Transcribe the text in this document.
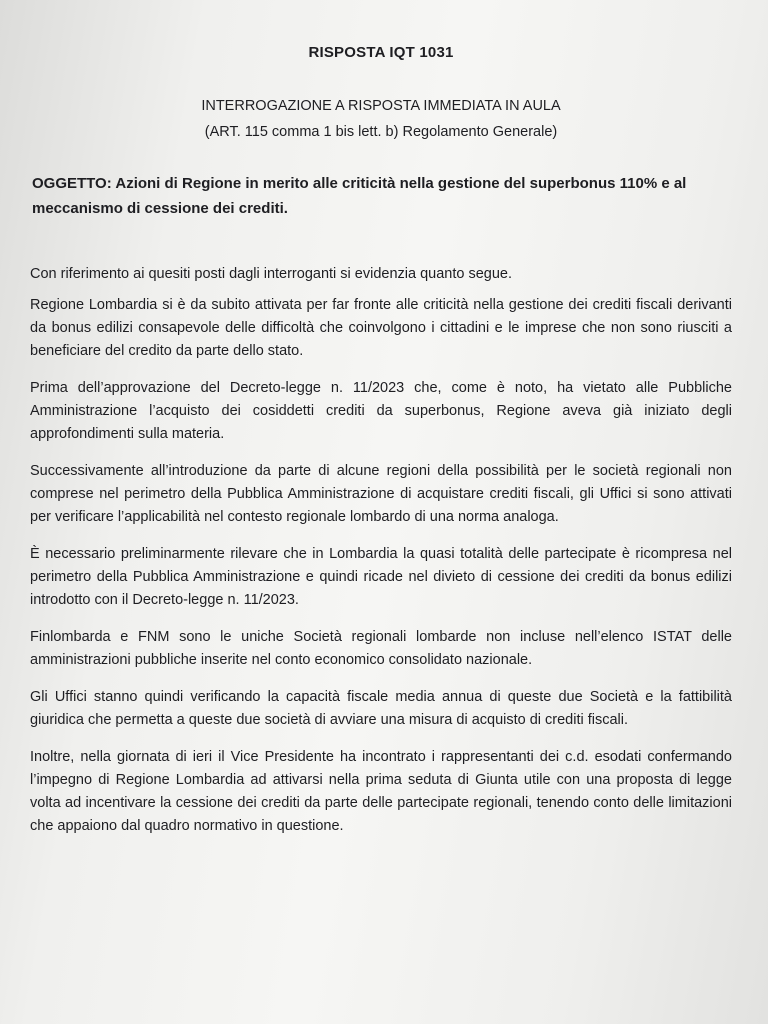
RISPOSTA IQT 1031
INTERROGAZIONE A RISPOSTA IMMEDIATA IN AULA
(ART. 115 comma 1 bis lett. b) Regolamento Generale)
OGGETTO: Azioni di Regione in merito alle criticità nella gestione del superbonus 110% e al meccanismo di cessione dei crediti.

Con riferimento ai quesiti posti dagli interroganti si evidenzia quanto segue.

Regione Lombardia si è da subito attivata per far fronte alle criticità nella gestione dei crediti fiscali derivanti da bonus edilizi consapevole delle difficoltà che coinvolgono i cittadini e le imprese che non sono riusciti a beneficiare del credito da parte dello stato.

Prima dell’approvazione del Decreto-legge n. 11/2023 che, come è noto, ha vietato alle Pubbliche Amministrazione l’acquisto dei cosiddetti crediti da superbonus, Regione aveva già iniziato degli approfondimenti sulla materia.

Successivamente all’introduzione da parte di alcune regioni della possibilità per le società regionali non comprese nel perimetro della Pubblica Amministrazione di acquistare crediti fiscali, gli Uffici si sono attivati per verificare l’applicabilità nel contesto regionale lombardo di una norma analoga.

È necessario preliminarmente rilevare che in Lombardia la quasi totalità delle partecipate è ricompresa nel perimetro della Pubblica Amministrazione e quindi ricade nel divieto di cessione dei crediti da bonus edilizi introdotto con il Decreto-legge n. 11/2023.

Finlombarda e FNM sono le uniche Società regionali lombarde non incluse nell’elenco ISTAT delle amministrazioni pubbliche inserite nel conto economico consolidato nazionale.

Gli Uffici stanno quindi verificando la capacità fiscale media annua di queste due Società e la fattibilità giuridica che permetta a queste due società di avviare una misura di acquisto di crediti fiscali.

Inoltre, nella giornata di ieri il Vice Presidente ha incontrato i rappresentanti dei c.d. esodati confermando l’impegno di Regione Lombardia ad attivarsi nella prima seduta di Giunta utile con una proposta di legge volta ad incentivare la cessione dei crediti da parte delle partecipate regionali, tenendo conto delle limitazioni che appaiono dal quadro normativo in questione.
